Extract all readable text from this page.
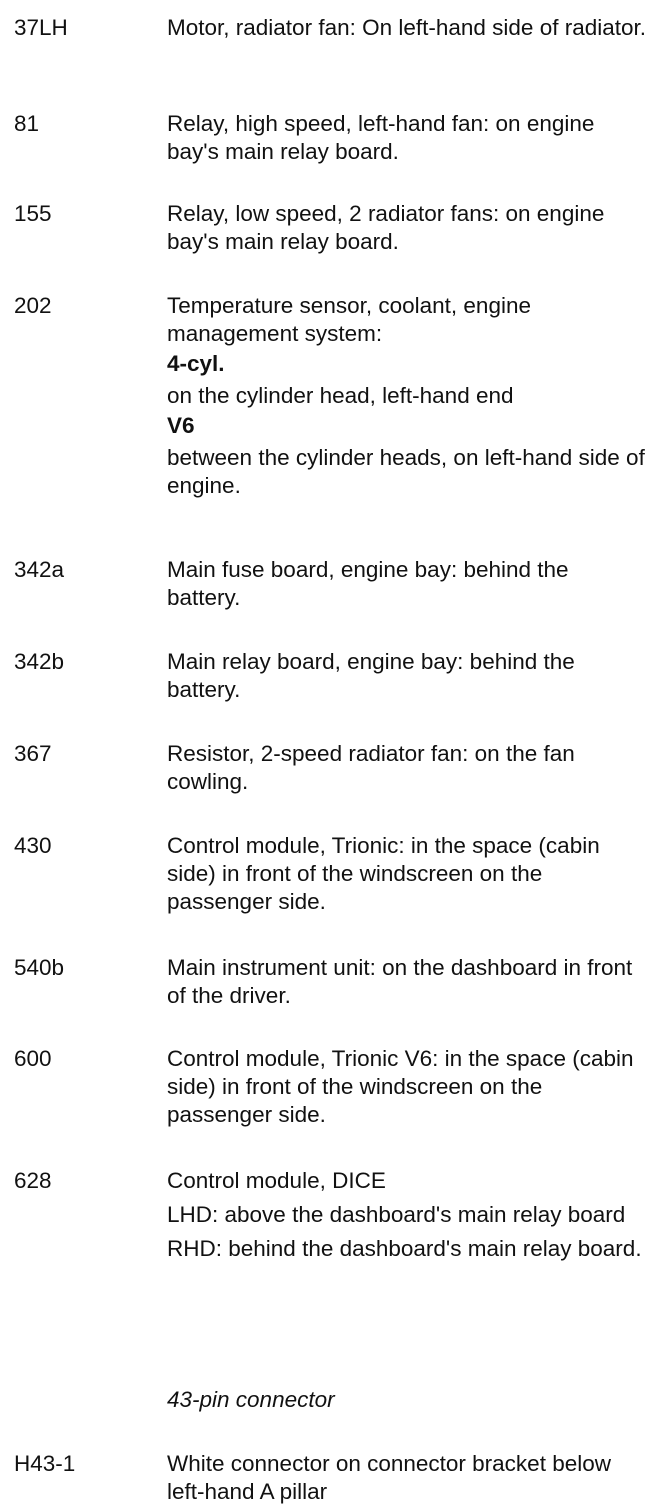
37LH	Motor, radiator fan: On left-hand side of radiator.

81	Relay, high speed, left-hand fan: on engine bay's main relay board.

155	Relay, low speed, 2 radiator fans: on engine bay's main relay board.

202	Temperature sensor, coolant, engine management system:

4-cyl.

on the cylinder head, left-hand end

V6

between the cylinder heads, on left-hand side of engine.

342a	Main fuse board, engine bay: behind the battery.

342b	Main relay board, engine bay: behind the battery.

367	Resistor, 2-speed radiator fan: on the fan cowling.

430	Control module, Trionic: in the space (cabin side) in front of the windscreen on the passenger side.

540b	Main instrument unit: on the dashboard in front of the driver.

600	Control module, Trionic V6: in the space (cabin side) in front of the windscreen on the passenger side.

628	Control module, DICE

LHD: above the dashboard's main relay board

RHD: behind the dashboard's main relay board.

43-pin connector
H43-1	White connector on connector bracket below left-hand A pillar
